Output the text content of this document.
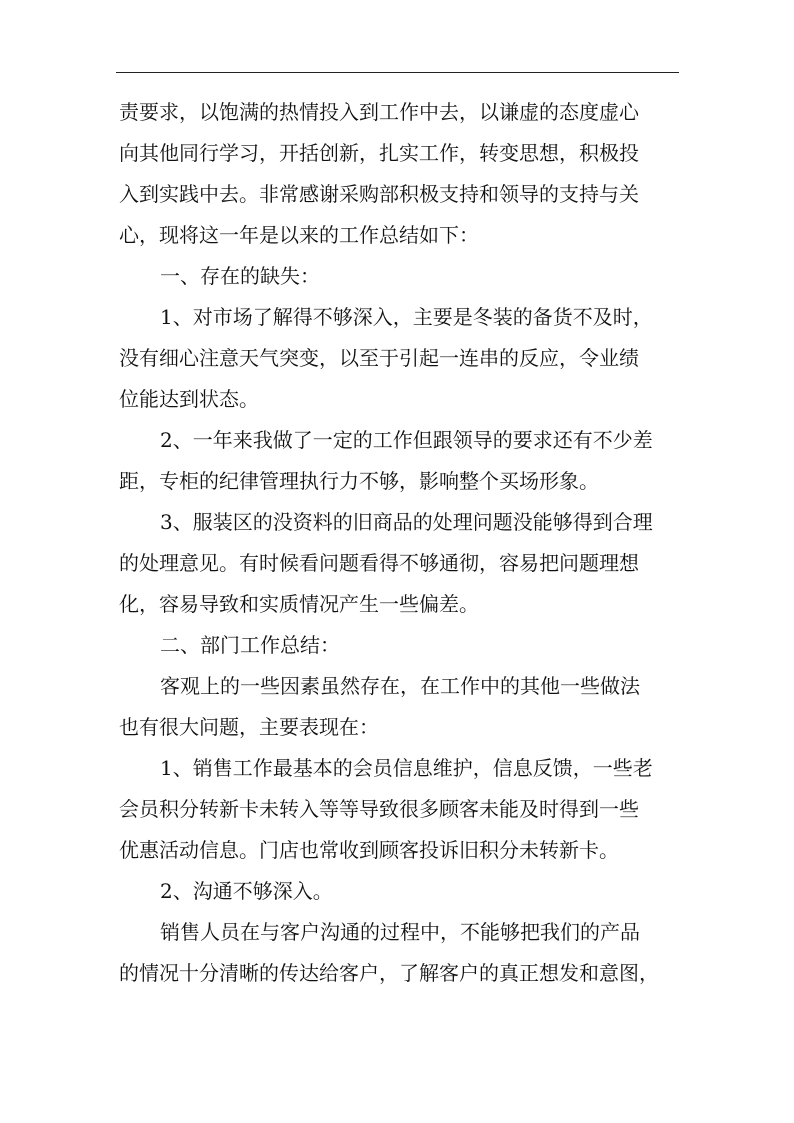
责要求，以饱满的热情投入到工作中去，以谦虚的态度虚心
向其他同行学习，开括创新，扎实工作，转变思想，积极投
入到实践中去。非常感谢采购部积极支持和领导的支持与关
心，现将这一年是以来的工作总结如下：
一、存在的缺失：
1、对市场了解得不够深入，主要是冬装的备货不及时，
没有细心注意天气突变，以至于引起一连串的反应，令业绩
位能达到状态。
2、一年来我做了一定的工作但跟领导的要求还有不少差
距，专柜的纪律管理执行力不够，影响整个买场形象。
3、服装区的没资料的旧商品的处理问题没能够得到合理
的处理意见。有时候看问题看得不够通彻，容易把问题理想
化，容易导致和实质情况产生一些偏差。
二、部门工作总结：
客观上的一些因素虽然存在，在工作中的其他一些做法
也有很大问题，主要表现在：
1、销售工作最基本的会员信息维护，信息反馈，一些老
会员积分转新卡未转入等等导致很多顾客未能及时得到一些
优惠活动信息。门店也常收到顾客投诉旧积分未转新卡。
2、沟通不够深入。
销售人员在与客户沟通的过程中，不能够把我们的产品
的情况十分清晰的传达给客户，了解客户的真正想发和意图，
